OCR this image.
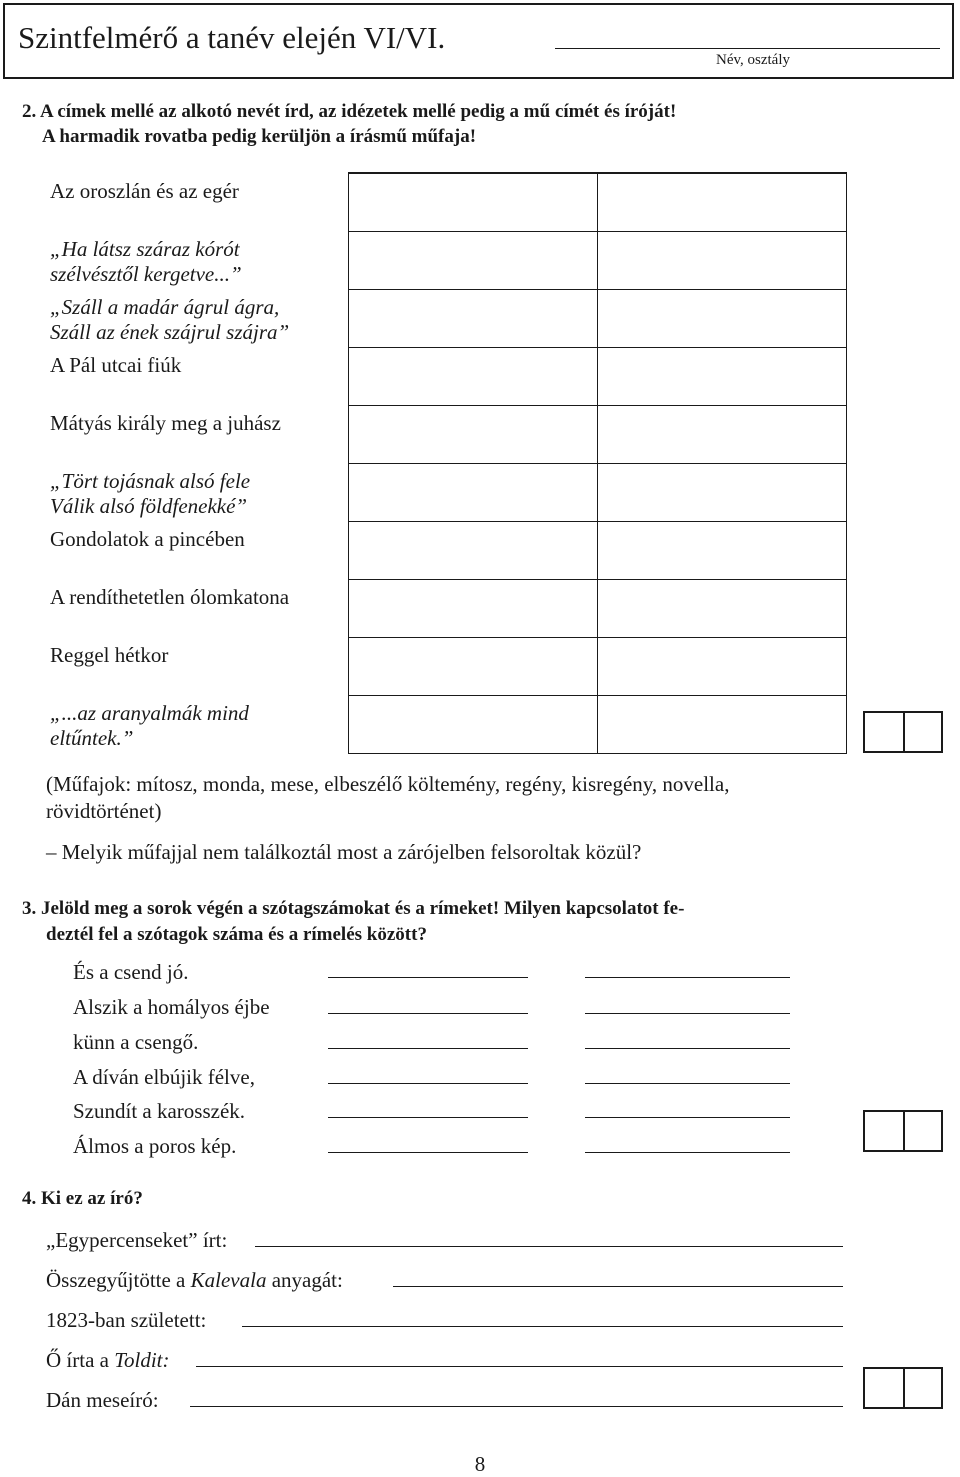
Szintfelmérő a tanév elején VI/VI.
Név, osztály
2. A címek mellé az alkotó nevét írd, az idézetek mellé pedig a mű címét és íróját!
A harmadik rovatba pedig kerüljön a írásmű műfaja!
Az oroszlán és az egér		

„Ha látsz száraz kórót
szélvésztől kergetve...”		

„Száll a madár ágrul ágra,
Száll az ének szájrul szájra”		

A Pál utcai fiúk		

Mátyás király meg a juhász		

„Tört tojásnak alsó fele
Válik alsó földfenekké”		

Gondolatok a pincében		

A rendíthetetlen ólomkatona		

Reggel hétkor		

„...az aranyalmák mind
eltűntek.”		

(Műfajok: mítosz, monda, mese, elbeszélő költemény, regény, kisregény, novella,
rövidtörténet)
– Melyik műfajjal nem találkoztál most a zárójelben felsoroltak közül?
3. Jelöld meg a sorok végén a szótagszámokat és a rímeket! Milyen kapcsolatot fe-
deztél fel a szótagok száma és a rímelés között?
És a csend jó.
Alszik a homályos éjbe
künn a csengő.
A díván elbújik félve,
Szundít a karosszék.
Álmos a poros kép.
4. Ki ez az író?
„Egypercenseket” írt:
Összegyűjtötte a Kalevala anyagát:
1823-ban született:
Ő írta a Toldit:
Dán meseíró:
8
